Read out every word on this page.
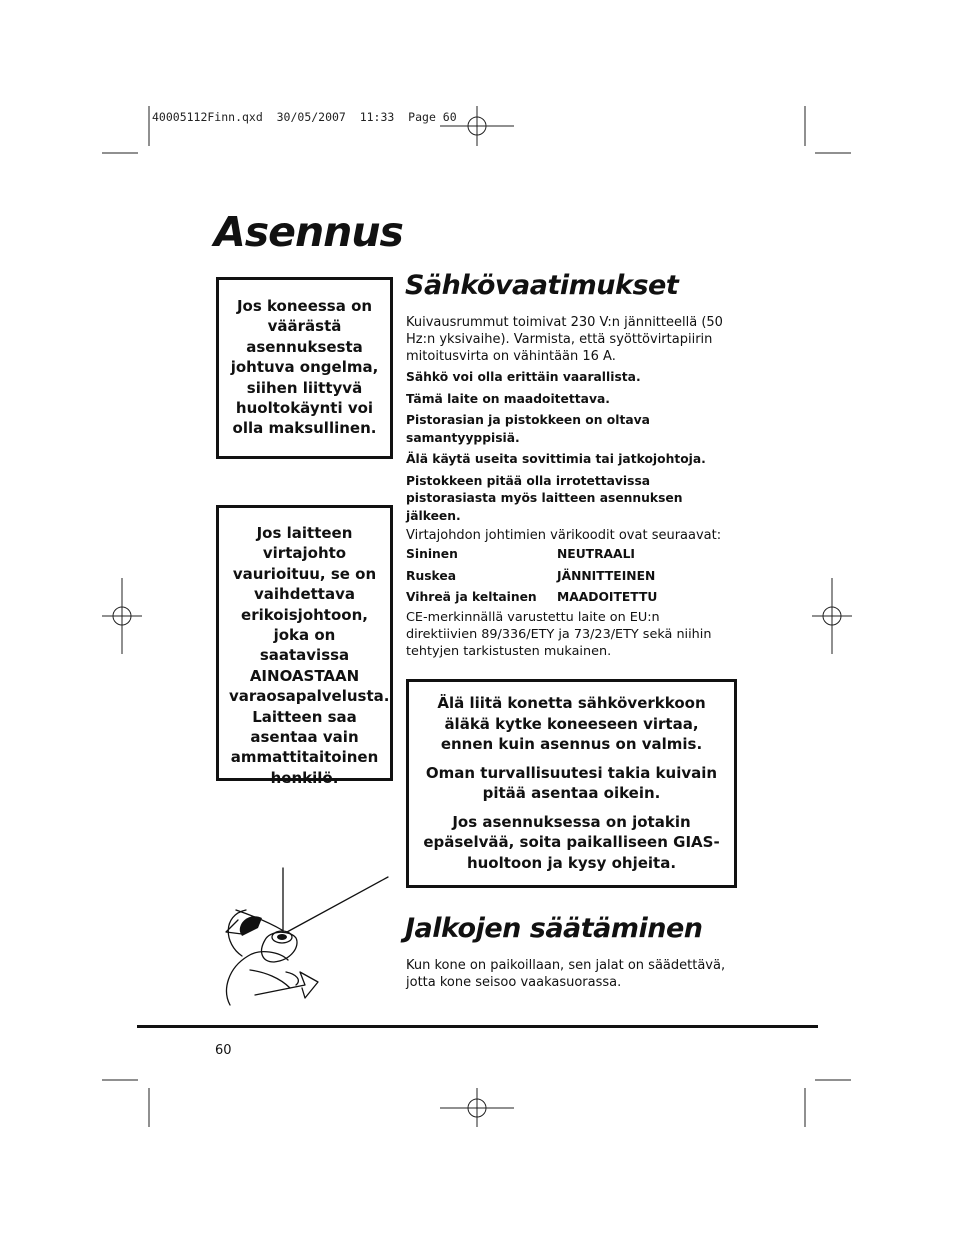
40005112Finn.qxd  30/05/2007  11:33  Page 60
Asennus
Jos koneessa on väärästä asennuksesta johtuva ongelma, siihen liittyvä huoltokäynti voi olla maksullinen.
Jos laitteen virtajohto vaurioituu, se on vaihdettava erikoisjohtoon, joka on saatavissa AINOASTAAN varaosapalvelusta. Laitteen saa asentaa vain ammattitaitoinen henkilö.
Sähkövaatimukset
Kuivausrummut toimivat 230 V:n jännitteellä (50 Hz:n yksivaihe). Varmista, että syöttövirtapiirin mitoitusvirta on vähintään 16 A.
Sähkö voi olla erittäin vaarallista.
Tämä laite on maadoitettava.
Pistorasian ja pistokkeen on oltava samantyyppisiä.
Älä käytä useita sovittimia tai jatkojohtoja.
Pistokkeen pitää olla irrotettavissa pistorasiasta myös laitteen asennuksen jälkeen.
Virtajohdon johtimien värikoodit ovat seuraavat:
Sininen	NEUTRAALI
Ruskea	JÄNNITTEINEN
Vihreä ja keltainen	MAADOITETTU
CE-merkinnällä varustettu laite on EU:n direktiivien 89/336/ETY ja 73/23/ETY sekä niihin tehtyjen tarkistusten mukainen.
Älä liitä konetta sähköverkkoon äläkä kytke koneeseen virtaa, ennen kuin asennus on valmis.
Oman turvallisuutesi takia kuivain pitää asentaa oikein.
Jos asennuksessa on jotakin epäselvää, soita paikalliseen GIAS-huoltoon ja kysy ohjeita.
Jalkojen säätäminen
Kun kone on paikoillaan, sen jalat on säädettävä, jotta kone seisoo vaakasuorassa.
60
